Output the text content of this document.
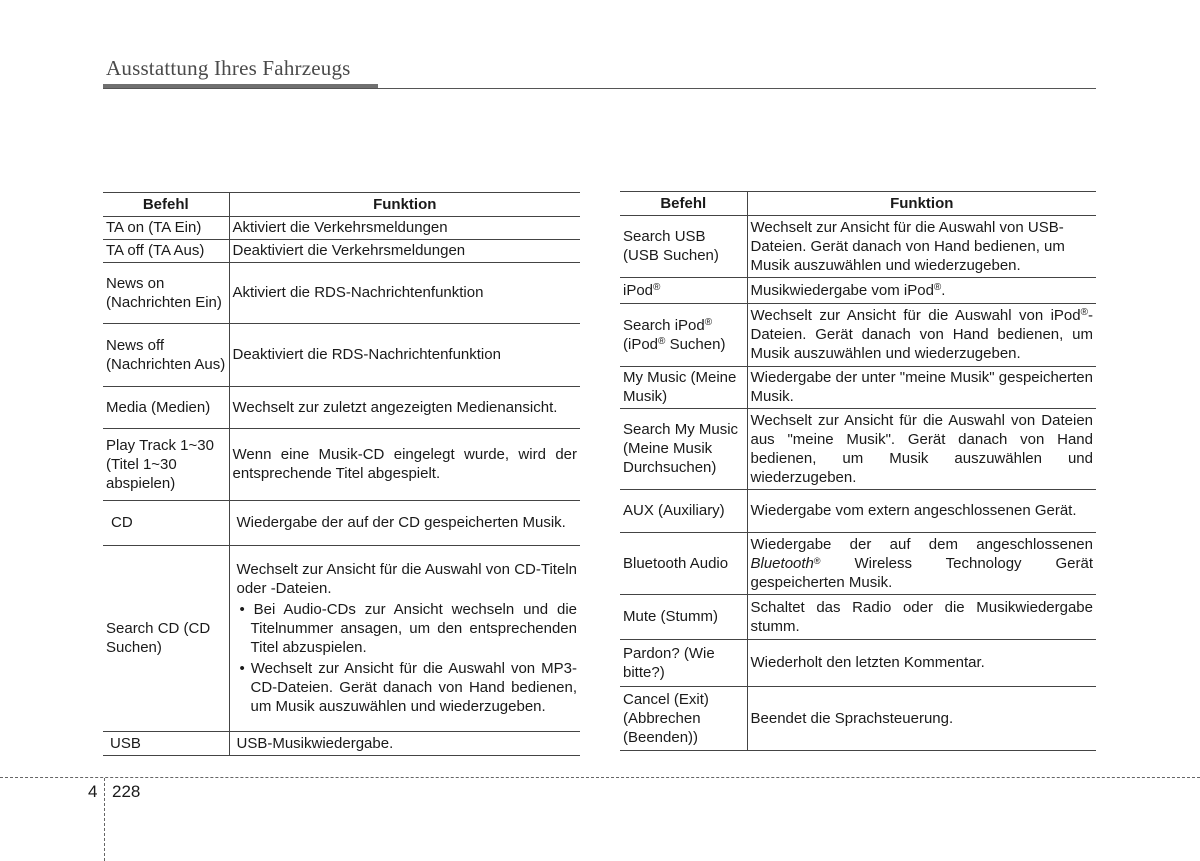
Ausstattung Ihres Fahrzeugs
Befehl	Funktion
TA on (TA Ein)	Aktiviert die Verkehrsmeldungen
TA off (TA Aus)	Deaktiviert die Verkehrsmeldungen
News on (Nachrichten Ein)	Aktiviert die RDS-Nachrichtenfunktion
News off (Nachrichten Aus)	Deaktiviert die RDS-Nachrichtenfunktion
Media (Medien)	Wechselt zur zuletzt angezeigten Medienansicht.
Play Track 1~30 (Titel 1~30 abspielen)	Wenn eine Musik-CD eingelegt wurde, wird der entsprechende Titel abgespielt.
CD	Wiedergabe der auf der CD gespeicherten Musik.
Search CD (CD Suchen)	Wechselt zur Ansicht für die Auswahl von CD-Titeln oder -Dateien.
• Bei Audio-CDs zur Ansicht wechseln und die Titelnummer ansagen, um den entsprechenden Titel abzuspielen.
• Wechselt zur Ansicht für die Auswahl von MP3-CD-Dateien. Gerät danach von Hand bedienen, um Musik auszuwählen und wiederzugeben.

USB	USB-Musikwiedergabe.
Befehl	Funktion
Search USB (USB Suchen)	Wechselt zur Ansicht für die Auswahl von USB-Dateien. Gerät danach von Hand bedienen, um Musik auszuwählen und wiederzugeben.
iPod®	Musikwiedergabe vom iPod®.
Search iPod®
(iPod® Suchen)	Wechselt zur Ansicht für die Auswahl von iPod®-Dateien. Gerät danach von Hand bedienen, um Musik auszuwählen und wiederzugeben.
My Music (Meine Musik)	Wiedergabe der unter "meine Musik" gespeicherten Musik.
Search My Music (Meine Musik Durchsuchen)	Wechselt zur Ansicht für die Auswahl von Dateien aus "meine Musik". Gerät danach von Hand bedienen, um Musik auszuwählen und wiederzugeben.
AUX (Auxiliary)	Wiedergabe vom extern angeschlossenen Gerät.
Bluetooth Audio	Wiedergabe der auf dem angeschlossenen Bluetooth® Wireless Technology Gerät gespeicherten Musik.
Mute (Stumm)	Schaltet das Radio oder die Musikwiedergabe stumm.
Pardon? (Wie bitte?)	Wiederholt den letzten Kommentar.
Cancel (Exit) (Abbrechen (Beenden))	Beendet die Sprachsteuerung.
4 228
